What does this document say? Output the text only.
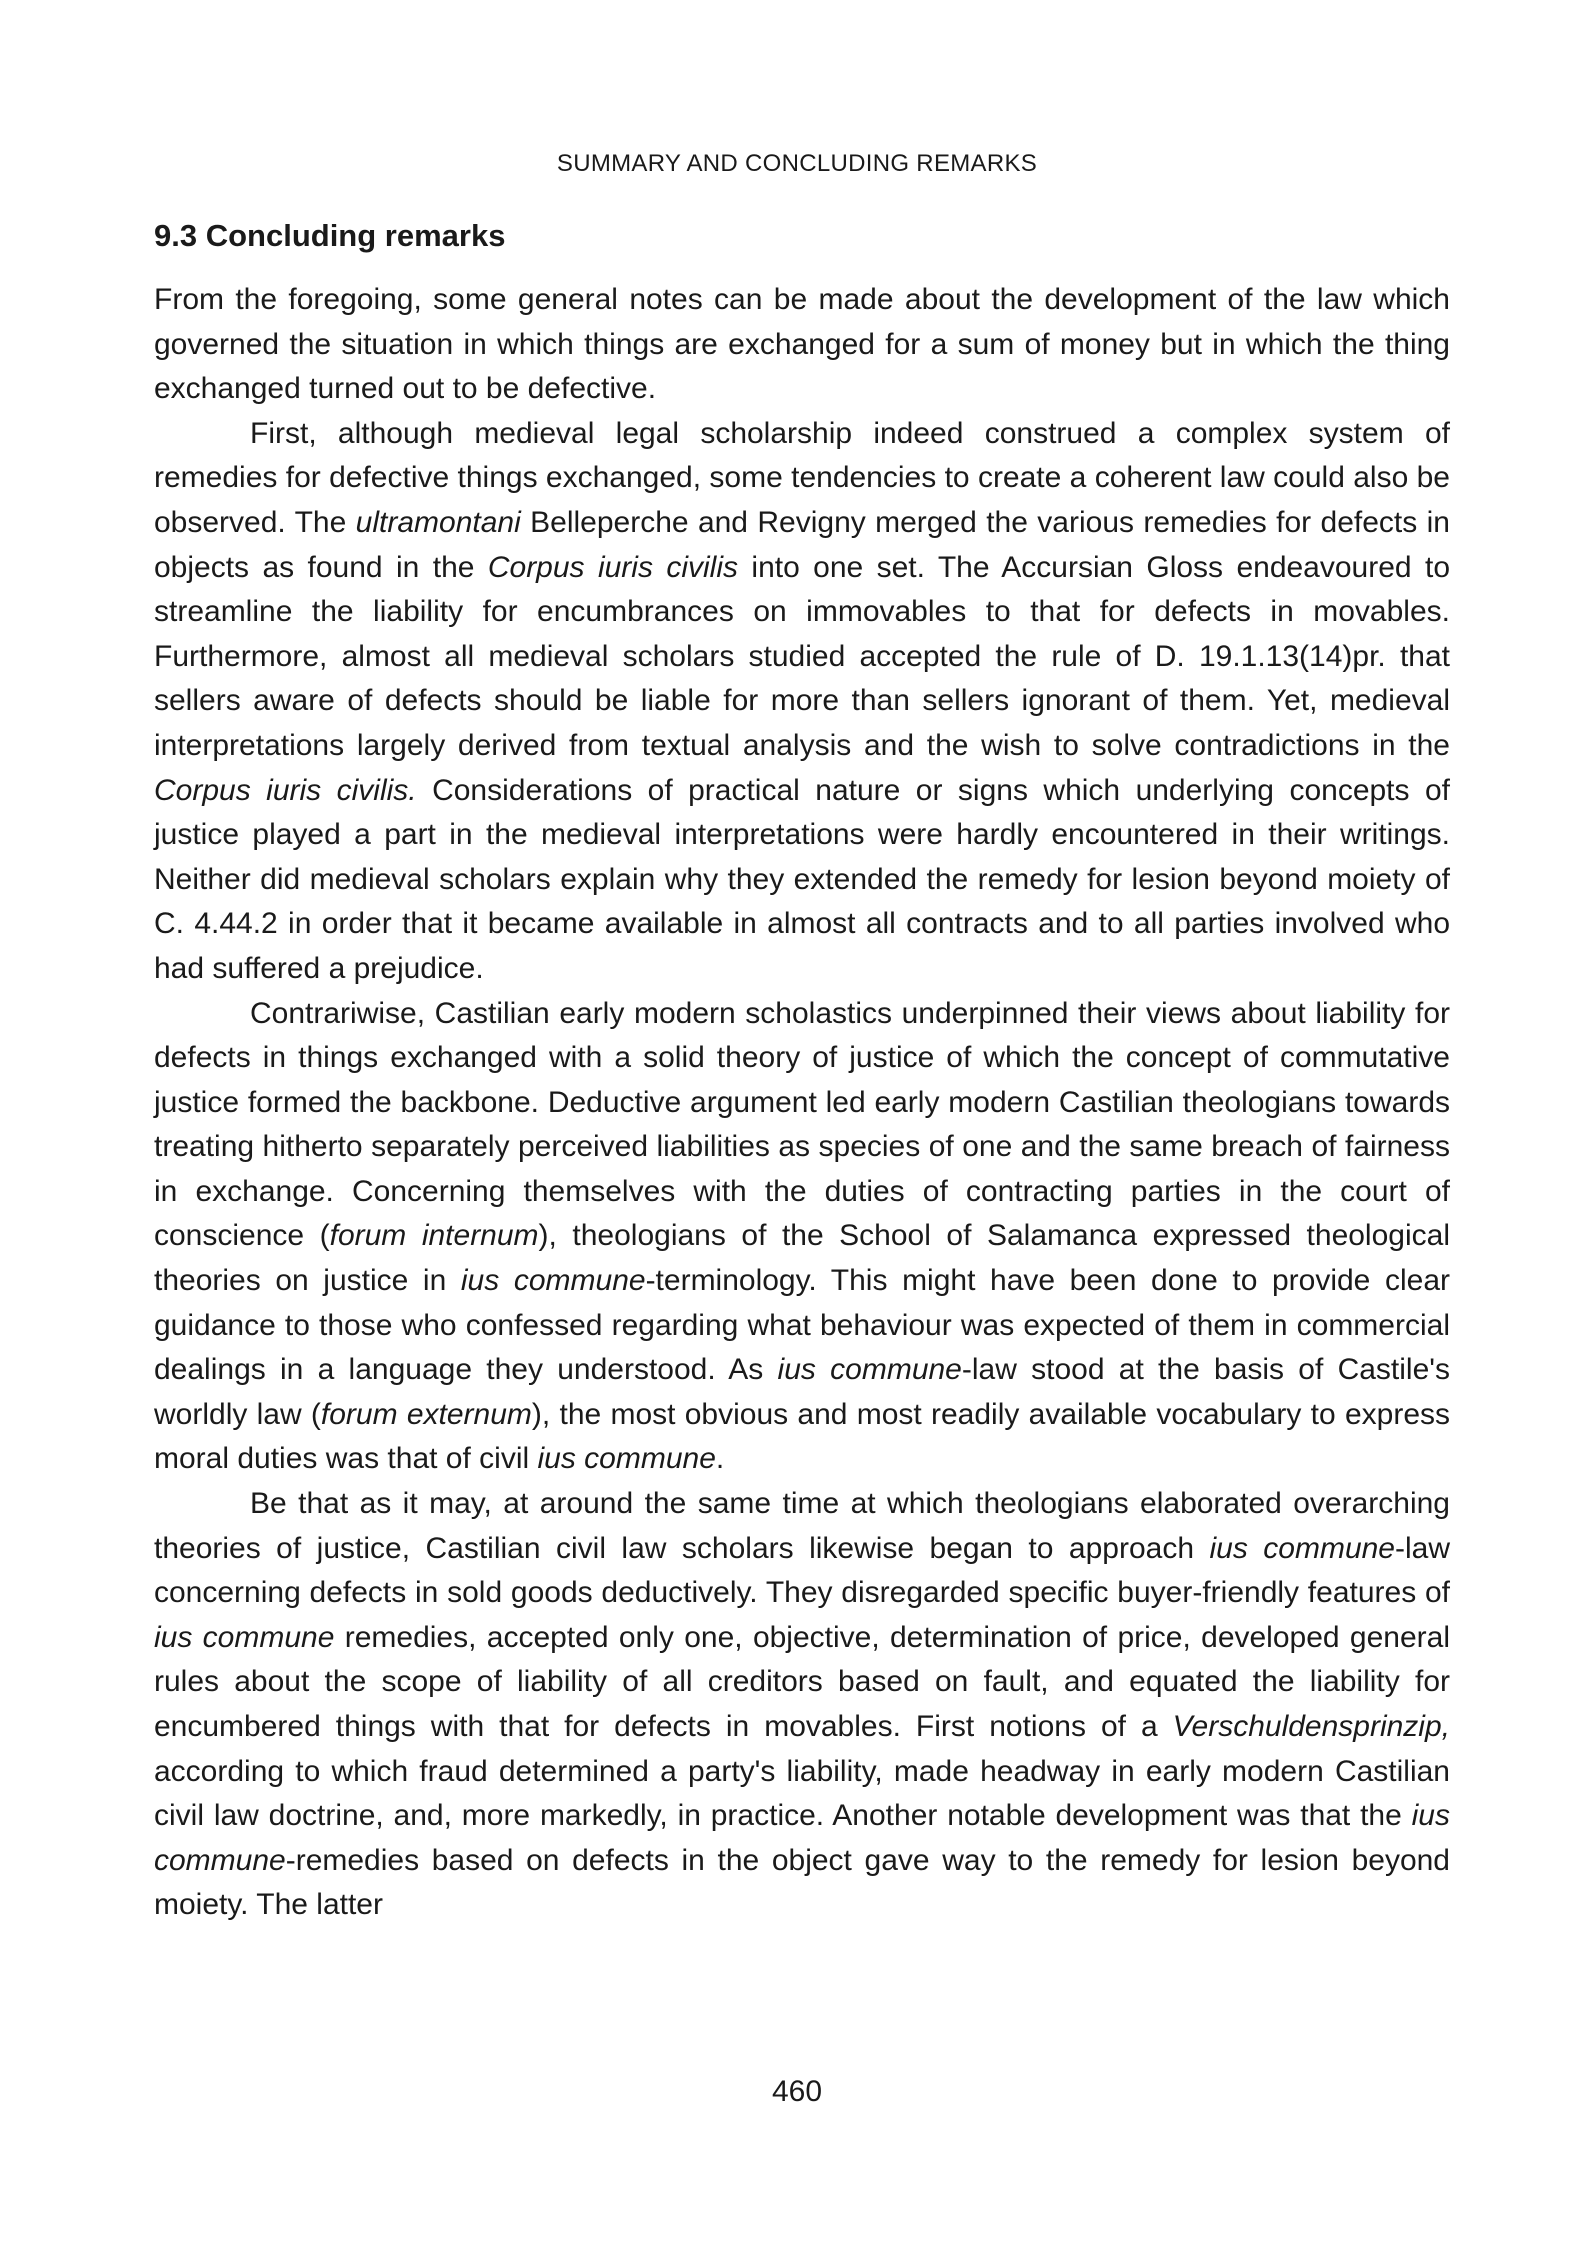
SUMMARY AND CONCLUDING REMARKS
9.3 Concluding remarks

From the foregoing, some general notes can be made about the development of the law which governed the situation in which things are exchanged for a sum of money but in which the thing exchanged turned out to be defective.

First, although medieval legal scholarship indeed construed a complex system of remedies for defective things exchanged, some tendencies to create a coherent law could also be observed. The ultramontani Belleperche and Revigny merged the various remedies for defects in objects as found in the Corpus iuris civilis into one set. The Accursian Gloss endeavoured to streamline the liability for encumbrances on immovables to that for defects in movables. Furthermore, almost all medieval scholars studied accepted the rule of D. 19.1.13(14)pr. that sellers aware of defects should be liable for more than sellers ignorant of them. Yet, medieval interpretations largely derived from textual analysis and the wish to solve contradictions in the Corpus iuris civilis. Considerations of practical nature or signs which underlying concepts of justice played a part in the medieval interpretations were hardly encountered in their writings. Neither did medieval scholars explain why they extended the remedy for lesion beyond moiety of C. 4.44.2 in order that it became available in almost all contracts and to all parties involved who had suffered a prejudice.

Contrariwise, Castilian early modern scholastics underpinned their views about liability for defects in things exchanged with a solid theory of justice of which the concept of commutative justice formed the backbone. Deductive argument led early modern Castilian theologians towards treating hitherto separately perceived liabilities as species of one and the same breach of fairness in exchange. Concerning themselves with the duties of contracting parties in the court of conscience (forum internum), theologians of the School of Salamanca expressed theological theories on justice in ius commune-terminology. This might have been done to provide clear guidance to those who confessed regarding what behaviour was expected of them in commercial dealings in a language they understood. As ius commune-law stood at the basis of Castile's worldly law (forum externum), the most obvious and most readily available vocabulary to express moral duties was that of civil ius commune.

Be that as it may, at around the same time at which theologians elaborated overarching theories of justice, Castilian civil law scholars likewise began to approach ius commune-law concerning defects in sold goods deductively. They disregarded specific buyer-friendly features of ius commune remedies, accepted only one, objective, determination of price, developed general rules about the scope of liability of all creditors based on fault, and equated the liability for encumbered things with that for defects in movables. First notions of a Verschuldensprinzip, according to which fraud determined a party's liability, made headway in early modern Castilian civil law doctrine, and, more markedly, in practice. Another notable development was that the ius commune-remedies based on defects in the object gave way to the remedy for lesion beyond moiety. The latter

460
